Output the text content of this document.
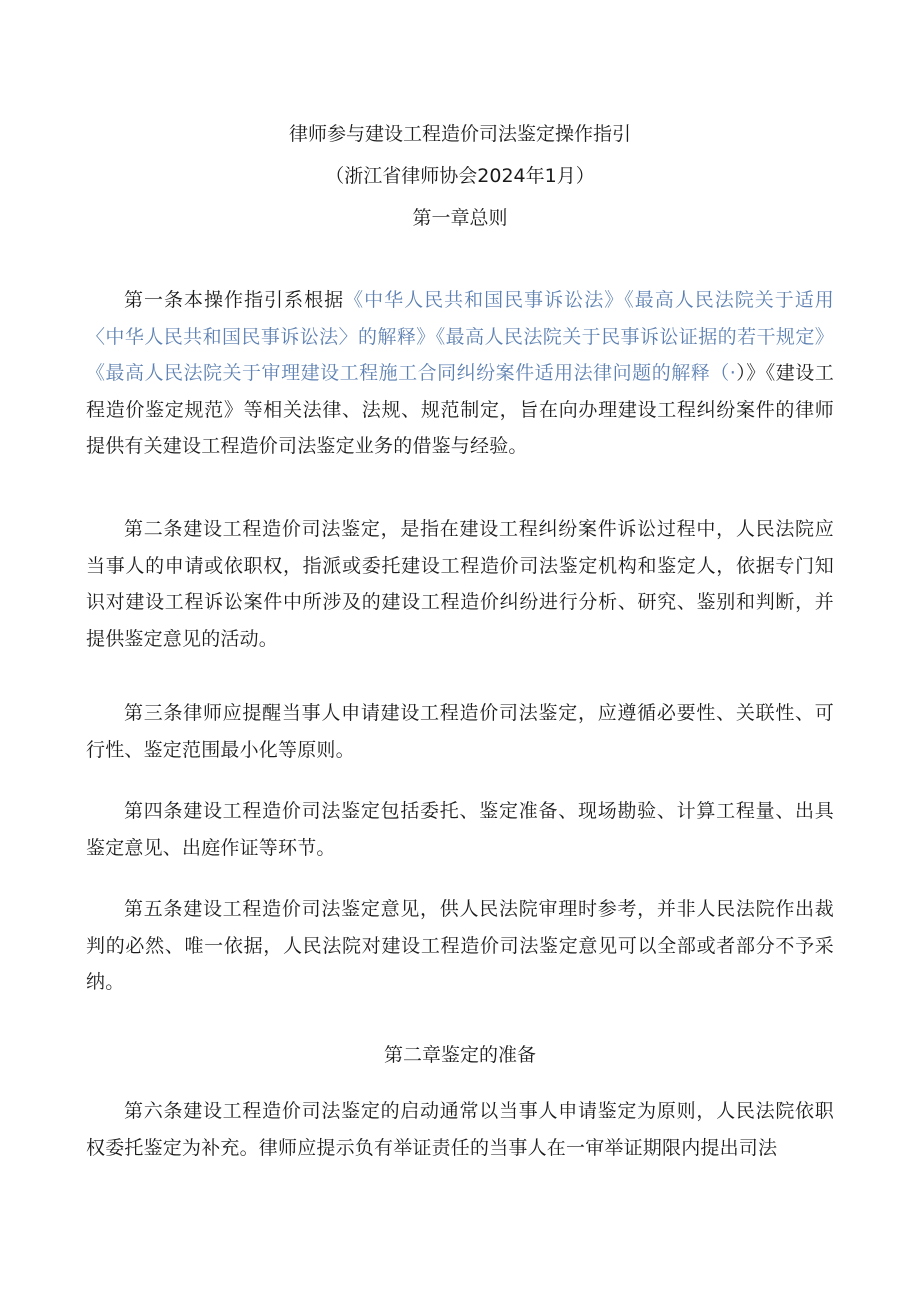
律师参与建设工程造价司法鉴定操作指引
（浙江省律师协会2024年1月）
第一章总则
第一条本操作指引系根据《中华人民共和国民事诉讼法》《最高人民法院关于适用〈中华人民共和国民事诉讼法〉的解释》《最高人民法院关于民事诉讼证据的若干规定》《最高人民法院关于审理建设工程施工合同纠纷案件适用法律问题的解释（·）》《建设工程造价鉴定规范》等相关法律、法规、规范制定，旨在向办理建设工程纠纷案件的律师提供有关建设工程造价司法鉴定业务的借鉴与经验。
第二条建设工程造价司法鉴定，是指在建设工程纠纷案件诉讼过程中，人民法院应当事人的申请或依职权，指派或委托建设工程造价司法鉴定机构和鉴定人，依据专门知识对建设工程诉讼案件中所涉及的建设工程造价纠纷进行分析、研究、鉴别和判断，并提供鉴定意见的活动。
第三条律师应提醒当事人申请建设工程造价司法鉴定，应遵循必要性、关联性、可行性、鉴定范围最小化等原则。
第四条建设工程造价司法鉴定包括委托、鉴定准备、现场勘验、计算工程量、出具鉴定意见、出庭作证等环节。
第五条建设工程造价司法鉴定意见，供人民法院审理时参考，并非人民法院作出裁判的必然、唯一依据，人民法院对建设工程造价司法鉴定意见可以全部或者部分不予采纳。
第二章鉴定的准备
第六条建设工程造价司法鉴定的启动通常以当事人申请鉴定为原则，人民法院依职权委托鉴定为补充。律师应提示负有举证责任的当事人在一审举证期限内提出司法
